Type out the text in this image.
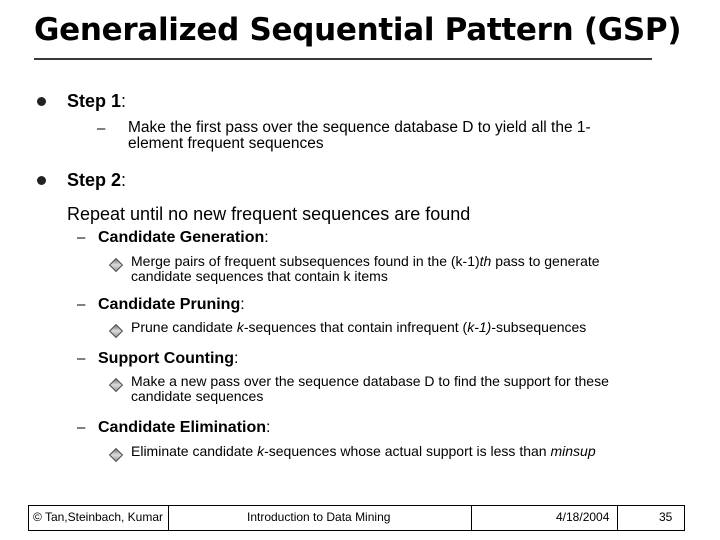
Generalized Sequential Pattern (GSP)
Step 1:
– Make the first pass over the sequence database D to yield all the 1-
element frequent sequences
Step 2:
Repeat until no new frequent sequences are found
– Candidate Generation:
Merge pairs of frequent subsequences found in the (k-1)th pass to generate
candidate sequences that contain k items
– Candidate Pruning:
Prune candidate k-sequences that contain infrequent (k-1)-subsequences
– Support Counting:
Make a new pass over the sequence database D to find the support for these
candidate sequences
– Candidate Elimination:
Eliminate candidate k-sequences whose actual support is less than minsup
© Tan,Steinbach, Kumar	Introduction to Data Mining	4/18/2004	35
